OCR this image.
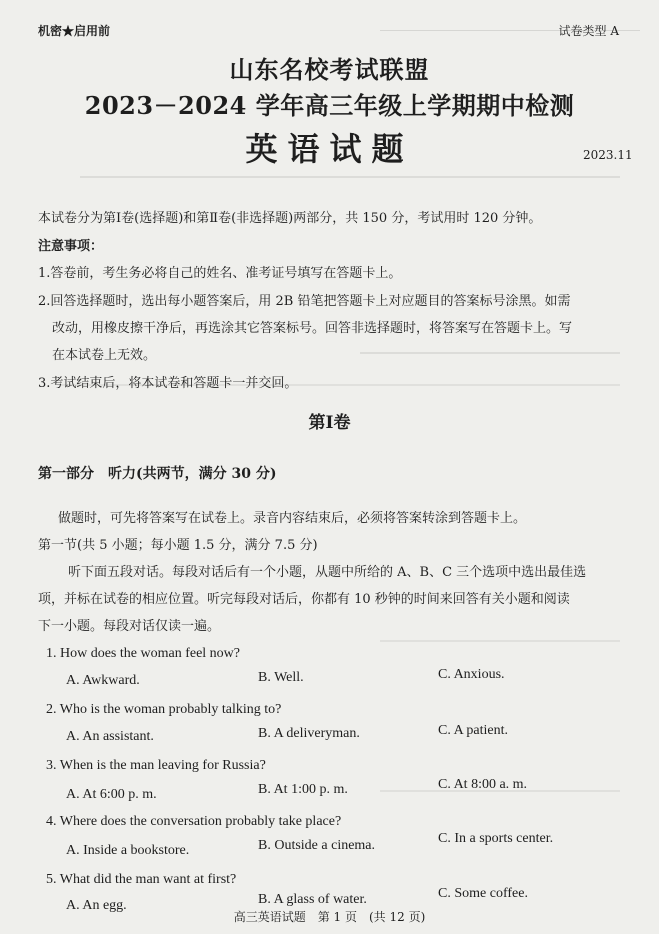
机密★启用前	试卷类型 A
山东名校考试联盟
2023－2024 学年高三年级上学期期中检测
英语试题	2023.11
本试卷分为第Ⅰ卷(选择题)和第Ⅱ卷(非选择题)两部分，共 150 分，考试用时 120 分钟。
注意事项：
1.答卷前，考生务必将自己的姓名、准考证号填写在答题卡上。
2.回答选择题时，选出每小题答案后，用 2B 铅笔把答题卡上对应题目的答案标号涂黑。如需
改动，用橡皮擦干净后，再选涂其它答案标号。回答非选择题时，将答案写在答题卡上。写
在本试卷上无效。
3.考试结束后，将本试卷和答题卡一并交回。
第Ⅰ卷
第一部分　听力(共两节，满分 30 分)
做题时，可先将答案写在试卷上。录音内容结束后，必须将答案转涂到答题卡上。
第一节(共 5 小题；每小题 1.5 分，满分 7.5 分)
听下面五段对话。每段对话后有一个小题，从题中所给的 A、B、C 三个选项中选出最佳选
项，并标在试卷的相应位置。听完每段对话后，你都有 10 秒钟的时间来回答有关小题和阅读
下一小题。每段对话仅读一遍。
1. How does the woman feel now?
A. Awkward.	B. Well.	C. Anxious.
2. Who is the woman probably talking to?
A. An assistant.	B. A deliveryman.	C. A patient.
3. When is the man leaving for Russia?
A. At 6:00 p. m.	B. At 1:00 p. m.	C. At 8:00 a. m.
4. Where does the conversation probably take place?
A. Inside a bookstore.	B. Outside a cinema.	C. In a sports center.
5. What did the man want at first?
A. An egg.	B. A glass of water.	C. Some coffee.
高三英语试题　第 1 页　(共 12 页)
